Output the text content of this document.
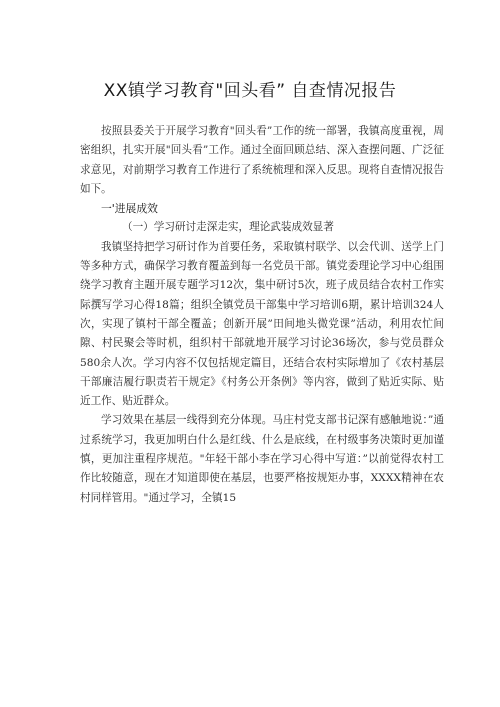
XX镇学习教育"回头看” 自查情况报告

按照县委关于开展学习教育"回头看”工作的统一部署，我镇高度重视，周密组织，扎实开展"回头看”工作。通过全面回顾总结、深入查摆问题、广泛征求意见，对前期学习教育工作进行了系统梳理和深入反思。现将自查情况报告如下。

一'进展成效

（一）学习研讨走深走实，理论武装成效显著

我镇坚持把学习研讨作为首要任务，采取镇村联学、以会代训、送学上门等多种方式，确保学习教育覆盖到每一名党员干部。镇党委理论学习中心组围绕学习教育主题开展专题学习12次，集中研讨5次，班子成员结合农村工作实际撰写学习心得18篇；组织全镇党员干部集中学习培训6期，累计培训324人次，实现了镇村干部全覆盖；创新开展”田间地头微党课”活动，利用农忙间隙、村民聚会等时机，组织村干部就地开展学习讨论36场次，参与党员群众580余人次。学习内容不仅包括规定篇目，还结合农村实际增加了《农村基层干部廉洁履行职责若干规定》《村务公开条例》等内容，做到了贴近实际、贴近工作、贴近群众。

学习效果在基层一线得到充分体现。马庄村党支部书记深有感触地说：”通过系统学习，我更加明白什么是红线、什么是底线，在村级事务决策时更加谨慎，更加注重程序规范。"年轻干部小李在学习心得中写道：”以前觉得农村工作比较随意，现在才知道即使在基层，也要严格按规矩办事，XXXX精神在农村同样管用。"通过学习，全镇15
